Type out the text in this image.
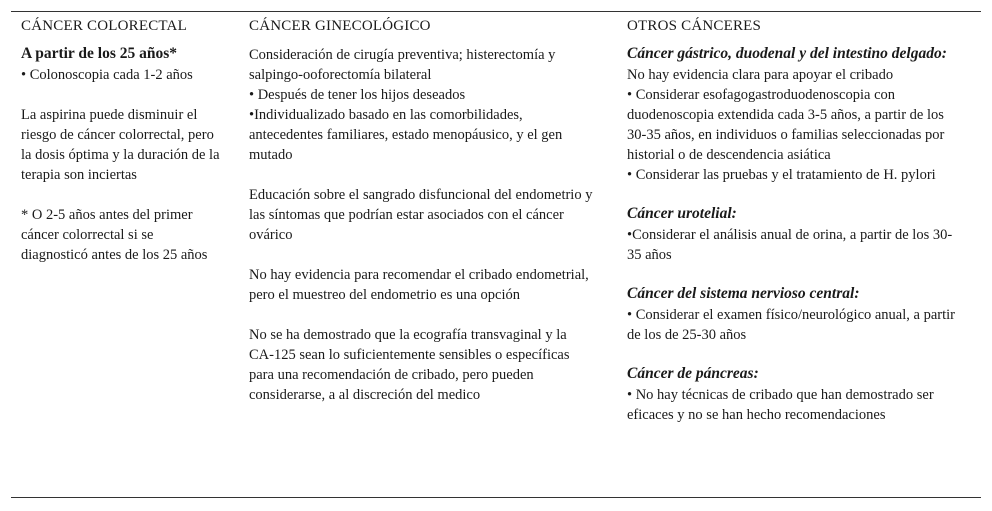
CÁNCER COLORECTAL

A partir de los 25 años*

• Colonoscopia cada 1-2 años

La aspirina puede disminuir el riesgo de cáncer colorrectal, pero la dosis óptima y la duración de la terapia son inciertas

* O 2-5 años antes del primer cáncer colorrectal si se diagnosticó antes de los 25 años

CÁNCER GINECOLÓGICO

Consideración de cirugía preventiva; histerectomía y salpingo-ooforectomía bilateral

• Después de tener los hijos deseados

•Individualizado basado en las comorbilidades, antecedentes familiares, estado menopáusico, y el gen mutado

Educación sobre el sangrado disfuncional del endometrio y las síntomas que podrían estar asociados con el cáncer ovárico

No hay evidencia para recomendar el cribado endometrial, pero el muestreo del endometrio es una opción

No se ha demostrado que la ecografía transvaginal y la CA-125 sean lo suficientemente sensibles o específicas para una recomendación de cribado, pero pueden considerarse, a al discreción del medico

OTROS CÁNCERES

Cáncer gástrico, duodenal y del intestino delgado:

No hay evidencia clara para apoyar el cribado

• Considerar esofagogastroduodenoscopia con duodenoscopia extendida cada 3-5 años, a partir de los 30-35 años, en individuos o familias seleccionadas por historial o de descendencia asiática

• Considerar las pruebas y el tratamiento de H. pylori

Cáncer urotelial:

•Considerar el análisis anual de orina, a partir de los 30-35 años

Cáncer del sistema nervioso central:

• Considerar el examen físico/neurológico anual, a partir de los de 25-30 años

Cáncer de páncreas:

• No hay técnicas de cribado que han demostrado ser eficaces y no se han hecho recomendaciones
